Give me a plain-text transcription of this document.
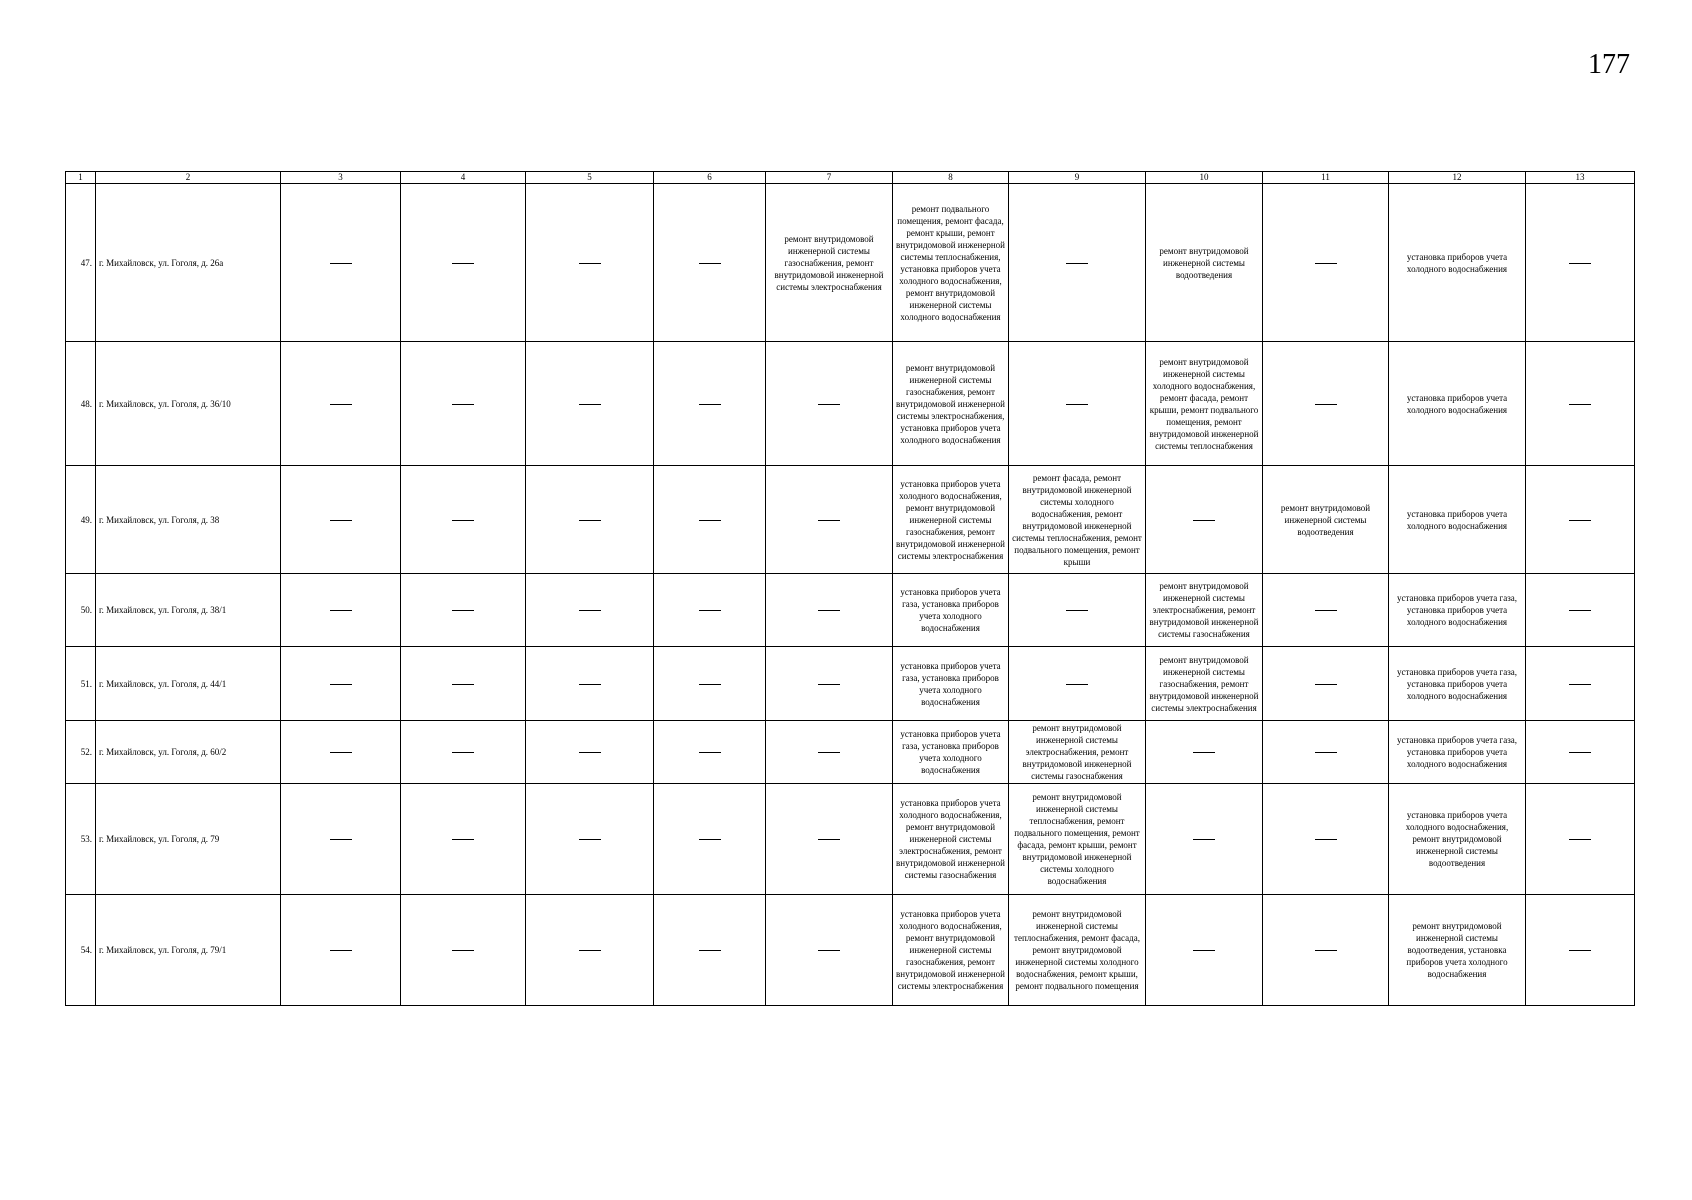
177
1	2	3	4	5	6	7	8	9	10	11	12	13
47.	г. Михайловск, ул. Гоголя, д. 26а					ремонт внутридомовой инженерной системы газоснабжения, ремонт внутридомовой инженерной системы электроснабжения	ремонт подвального помещения, ремонт фасада, ремонт крыши, ремонт внутридомовой инженерной системы теплоснабжения, установка приборов учета холодного водоснабжения, ремонт внутридомовой инженерной системы холодного водоснабжения		ремонт внутридомовой инженерной системы водоотведения		установка приборов учета холодного водоснабжения	
48.	г. Михайловск, ул. Гоголя, д. 36/10						ремонт внутридомовой инженерной системы газоснабжения, ремонт внутридомовой инженерной системы электроснабжения, установка приборов учета холодного водоснабжения		ремонт внутридомовой инженерной системы холодного водоснабжения, ремонт фасада, ремонт крыши, ремонт подвального помещения, ремонт внутридомовой инженерной системы теплоснабжения		установка приборов учета холодного водоснабжения	
49.	г. Михайловск, ул. Гоголя, д. 38						установка приборов учета холодного водоснабжения, ремонт внутридомовой инженерной системы газоснабжения, ремонт внутридомовой инженерной системы электроснабжения	ремонт фасада, ремонт внутридомовой инженерной системы холодного водоснабжения, ремонт внутридомовой инженерной системы теплоснабжения, ремонт подвального помещения, ремонт крыши		ремонт внутридомовой инженерной системы водоотведения	установка приборов учета холодного водоснабжения	
50.	г. Михайловск, ул. Гоголя, д. 38/1						установка приборов учета газа, установка приборов учета холодного водоснабжения		ремонт внутридомовой инженерной системы электроснабжения, ремонт внутридомовой инженерной системы газоснабжения		установка приборов учета газа, установка приборов учета холодного водоснабжения	
51.	г. Михайловск, ул. Гоголя, д. 44/1						установка приборов учета газа, установка приборов учета холодного водоснабжения		ремонт внутридомовой инженерной системы газоснабжения, ремонт внутридомовой инженерной системы электроснабжения		установка приборов учета газа, установка приборов учета холодного водоснабжения	
52.	г. Михайловск, ул. Гоголя, д. 60/2						установка приборов учета газа, установка приборов учета холодного водоснабжения	ремонт внутридомовой инженерной системы электроснабжения, ремонт внутридомовой инженерной системы газоснабжения			установка приборов учета газа, установка приборов учета холодного водоснабжения	
53.	г. Михайловск, ул. Гоголя, д. 79						установка приборов учета холодного водоснабжения, ремонт внутридомовой инженерной системы электроснабжения, ремонт внутридомовой инженерной системы газоснабжения	ремонт внутридомовой инженерной системы теплоснабжения, ремонт подвального помещения, ремонт фасада, ремонт крыши, ремонт внутридомовой инженерной системы холодного водоснабжения			установка приборов учета холодного водоснабжения, ремонт внутридомовой инженерной системы водоотведения	
54.	г. Михайловск, ул. Гоголя, д. 79/1						установка приборов учета холодного водоснабжения, ремонт внутридомовой инженерной системы газоснабжения, ремонт внутридомовой инженерной системы электроснабжения	ремонт внутридомовой инженерной системы теплоснабжения, ремонт фасада, ремонт внутридомовой инженерной системы холодного водоснабжения, ремонт крыши, ремонт подвального помещения			ремонт внутридомовой инженерной системы водоотведения, установка приборов учета холодного водоснабжения	
